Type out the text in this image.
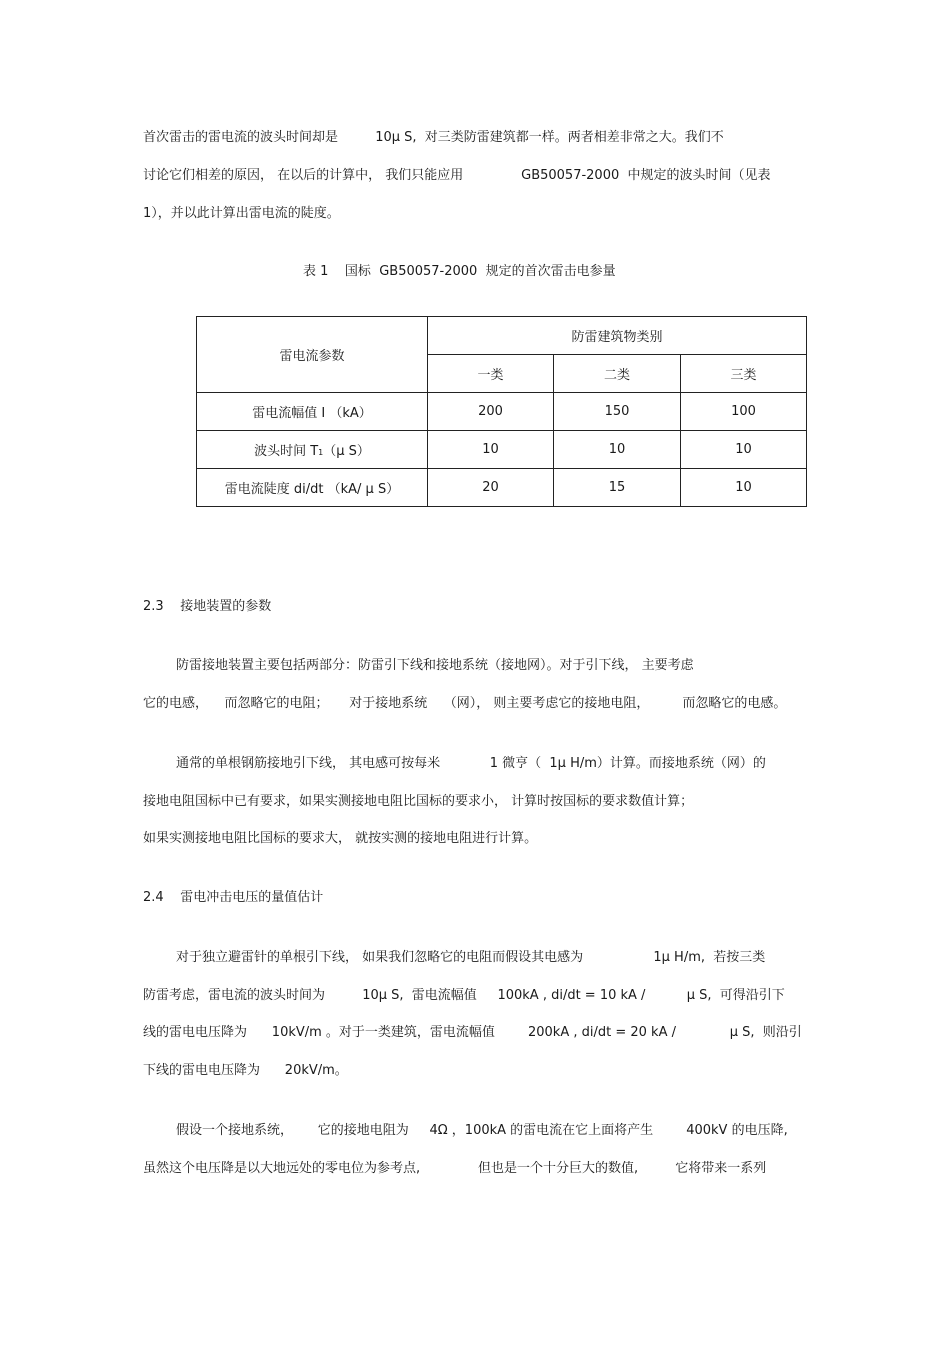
首次雷击的雷电流的波头时间却是         10μ S,  对三类防雷建筑都一样。两者相差非常之大。我们不
讨论它们相差的原因， 在以后的计算中， 我们只能应用              GB50057-2000  中规定的波头时间（见表
1），并以此计算出雷电流的陡度。
表 1    国标  GB50057-2000  规定的首次雷击电参量
雷电流参数	防雷建筑物类别		
	一类	二类	三类
雷电流幅值 I （kA）	200	150	100
波头时间 T1（μ S）	10	10	10
雷电流陡度 di/dt （kA/ μ S）	20	15	10
2.3    接地装置的参数
防雷接地装置主要包括两部分：防雷引下线和接地系统（接地网）。对于引下线， 主要考虑
它的电感，    而忽略它的电阻；     对于接地系统    （网）， 则主要考虑它的接地电阻，        而忽略它的电感。
通常的单根钢筋接地引下线， 其电感可按每米            1 微亨（  1μ H/m）计算。而接地系统（网）的
接地电阻国标中已有要求，如果实测接地电阻比国标的要求小， 计算时按国标的要求数值计算；
如果实测接地电阻比国标的要求大， 就按实测的接地电阻进行计算。
2.4    雷电冲击电压的量值估计
对于独立避雷针的单根引下线， 如果我们忽略它的电阻而假设其电感为                 1μ H/m,  若按三类
防雷考虑，雷电流的波头时间为         10μ S,  雷电流幅值     100kA , di/dt = 10 kA /          μ S,  可得沿引下
线的雷电电压降为      10kV/m 。对于一类建筑，雷电流幅值        200kA , di/dt = 20 kA /             μ S,  则沿引
下线的雷电电压降为      20kV/m。
假设一个接地系统，      它的接地电阻为     4Ω ，100kA 的雷电流在它上面将产生        400kV 的电压降,
虽然这个电压降是以大地远处的零电位为参考点,              但也是一个十分巨大的数值,         它将带来一系列
